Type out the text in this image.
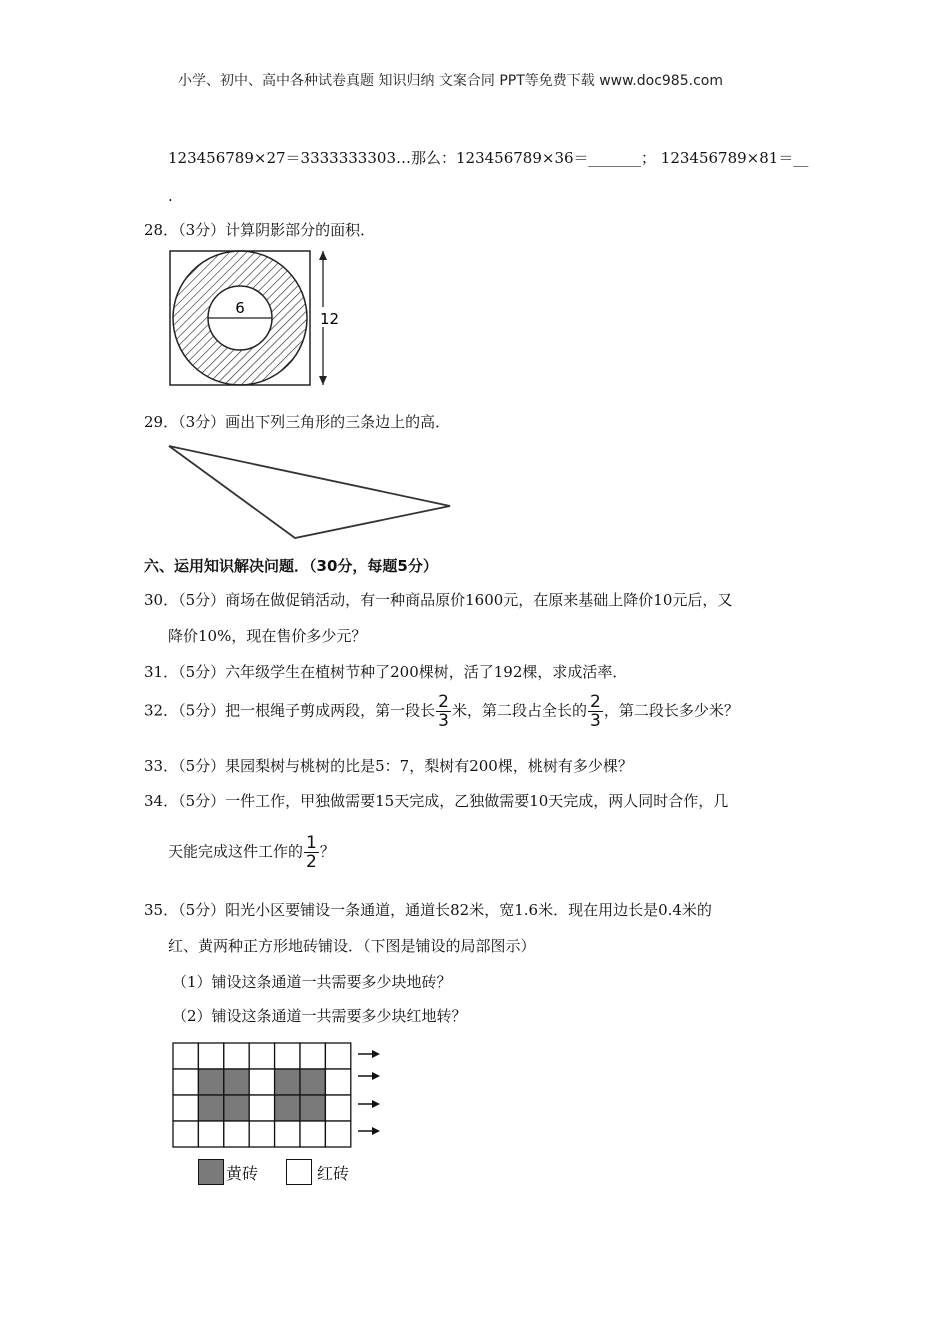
小学、初中、高中各种试卷真题 知识归纳 文案合同 PPT等免费下载 www.doc985.com
123456789×27＝3333333303…那么：123456789×36＝_______； 123456789×81＝__
.
28．（3分）计算阴影部分的面积．
6
12
29．（3分）画出下列三角形的三条边上的高．
六、运用知识解决问题．（30分，每题5分）
30．（5分）商场在做促销活动，有一种商品原价1600元，在原来基础上降价10元后，又
降价10%，现在售价多少元？
31．（5分）六年级学生在植树节种了200棵树，活了192棵，求成活率．
32．（5分）把一根绳子剪成两段，第一段长 $\frac{2}{3}$ 米，第二段占全长的 $\frac{2}{3}$ ，第二段长多少米？
33．（5分）果园梨树与桃树的比是5：7，梨树有200棵，桃树有多少棵？
34．（5分）一件工作，甲独做需要15天完成，乙独做需要10天完成，两人同时合作，几
天能完成这件工作的 $\frac{1}{2}$ ？
35．（5分）阳光小区要铺设一条通道，通道长82米，宽1.6米．现在用边长是0.4米的
红、黄两种正方形地砖铺设．（下图是铺设的局部图示）
（1）铺设这条通道一共需要多少块地砖？
（2）铺设这条通道一共需要多少块红地转？
黄砖	红砖
